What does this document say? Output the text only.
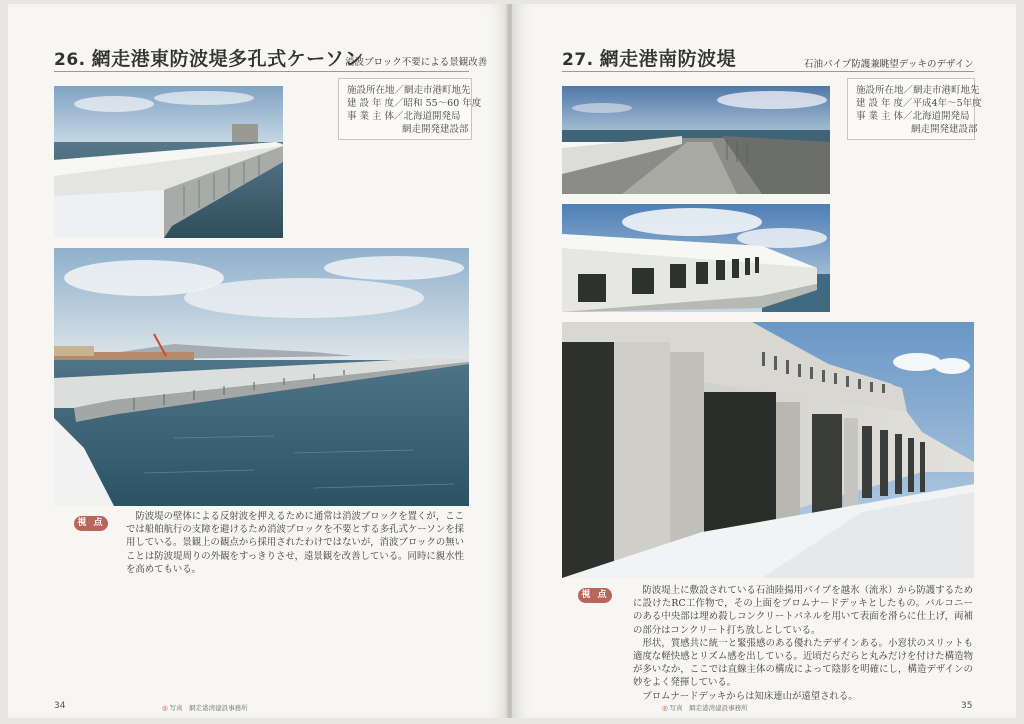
26. 網走港東防波堤多孔式ケーソン
消波ブロック不要による景観改善
施設所在地／網走市港町地先
建 設 年 度／昭和 55～60 年度
事 業 主 体／北海道開発局
網走開発建設部
視 点

防波堤の壁体による反射波を押えるために通常は消波ブロックを置くが，ここでは船舶航行の支障を避けるため消波ブロックを不要とする多孔式ケーソンを採用している。景観上の観点から採用されたわけではないが，消波ブロックの無いことは防波堤周りの外観をすっきりさせ，遠景観を改善している。同時に親水性を高めてもいる。

34	◎ 写真　 網走港湾建設事務所
27. 網走港南防波堤	石油パイプ防護兼眺望デッキのデザイン
施設所在地／網走市港町地先
建 設 年 度／平成4年～5年度
事 業 主 体／北海道開発局
網走開発建設部
視 点	防波堤上に敷設されている石油陸揚用パイプを越氷（流氷）から防護するために設けたRC工作物で，その上面をプロムナードデッキとしたもの。バルコニーのある中央部は埋め殺しコンクリートパネルを用いて表面を滑らに仕上げ，両補の部分はコンクリート打ち放しとしている。

形状，質感共に統一と緊張感のある優れたデザインある。小窓状のスリットも適度な軽快感とリズム感を出している。近頃だらだらと丸みだけを付けた構造物が多いなか，ここでは直線主体の構成によって陰影を明確にし，構造デザインの妙をよく発揮している。

プロムナードデッキからは知床連山が遠望される。

◎ 写真　 網走港湾建設事務所	35
